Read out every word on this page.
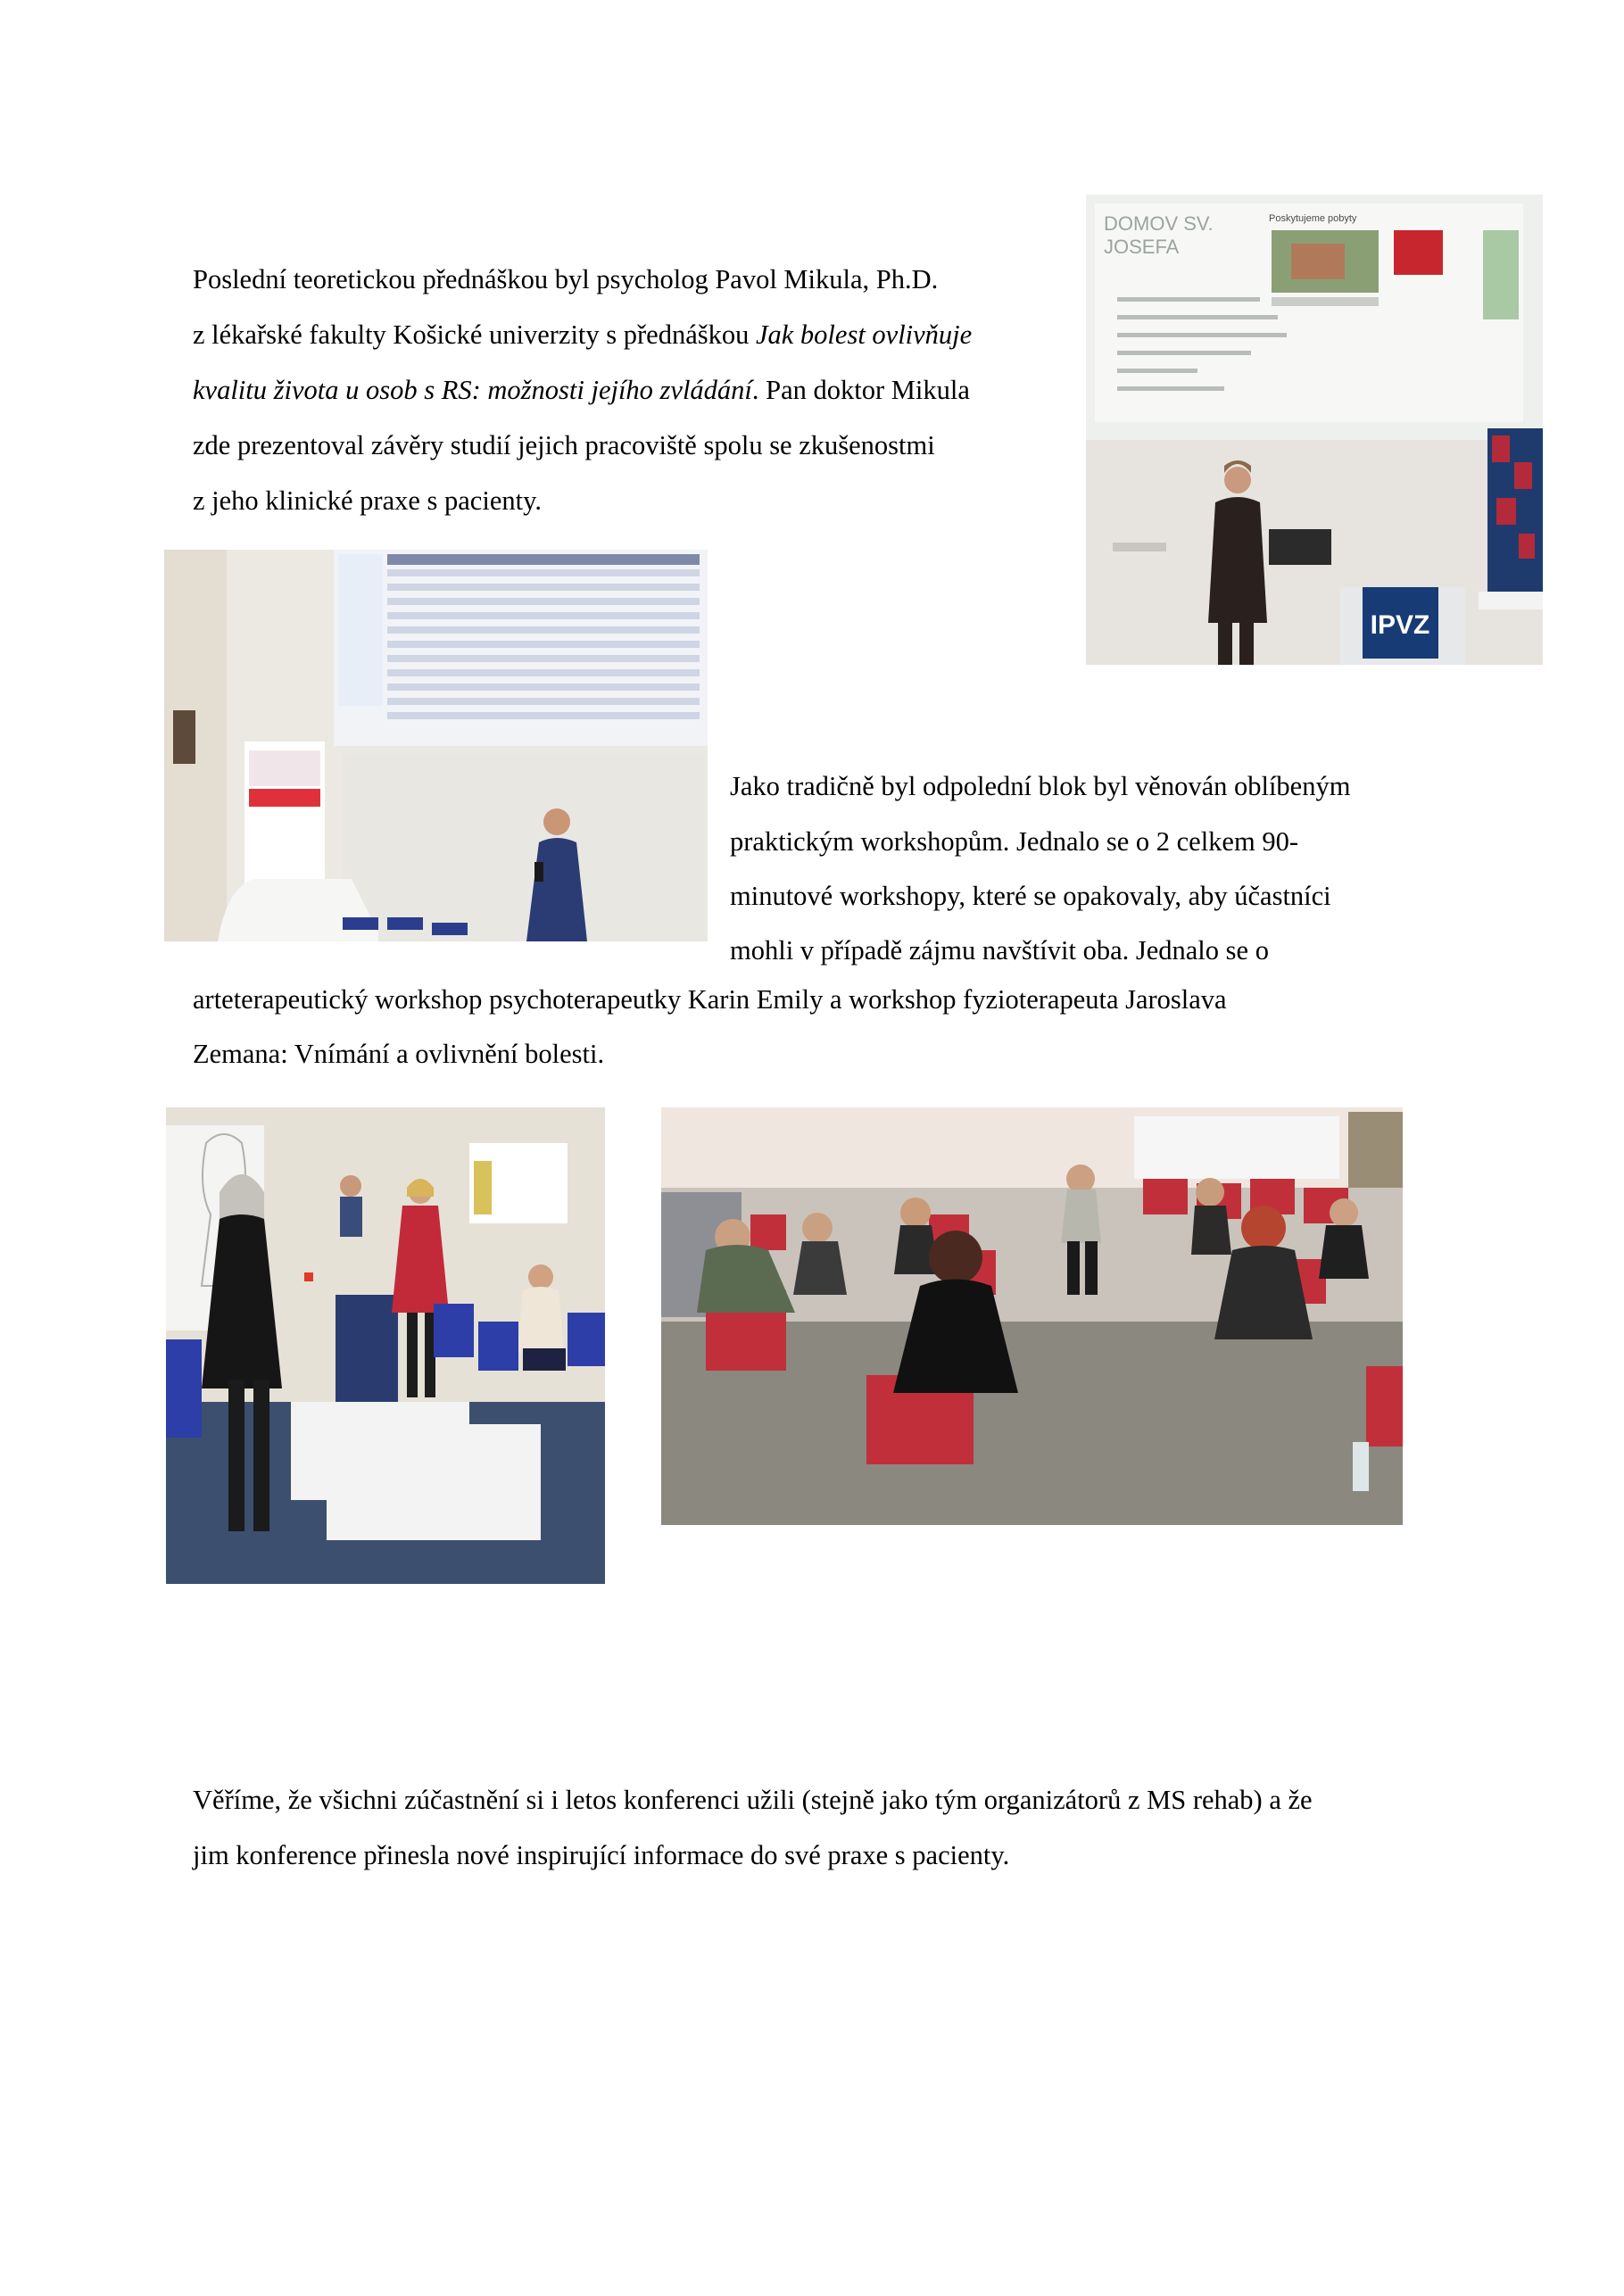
Poslední teoretickou přednáškou byl psycholog Pavol Mikula, Ph.D.
z lékařské fakulty Košické univerzity s přednáškou Jak bolest ovlivňuje
kvalitu života u osob s RS: možnosti jejího zvládání. Pan doktor Mikula
zde prezentoval závěry studií jejich pracoviště spolu se zkušenostmi
z jeho klinické praxe s pacienty.
DOMOV SV.
JOSEFA
Poskytujeme pobyty
IPVZ
Jako tradičně byl odpolední blok byl věnován oblíbeným
praktickým workshopům. Jednalo se o 2 celkem 90-
minutové workshopy, které se opakovaly, aby účastníci
mohli v případě zájmu navštívit oba. Jednalo se o
arteterapeutický workshop psychoterapeutky Karin Emily a workshop fyzioterapeuta Jaroslava
Zemana: Vnímání a ovlivnění bolesti.
Věříme, že všichni zúčastnění si i letos konferenci užili (stejně jako tým organizátorů z MS rehab) a že
jim konference přinesla nové inspirující informace do své praxe s pacienty.
